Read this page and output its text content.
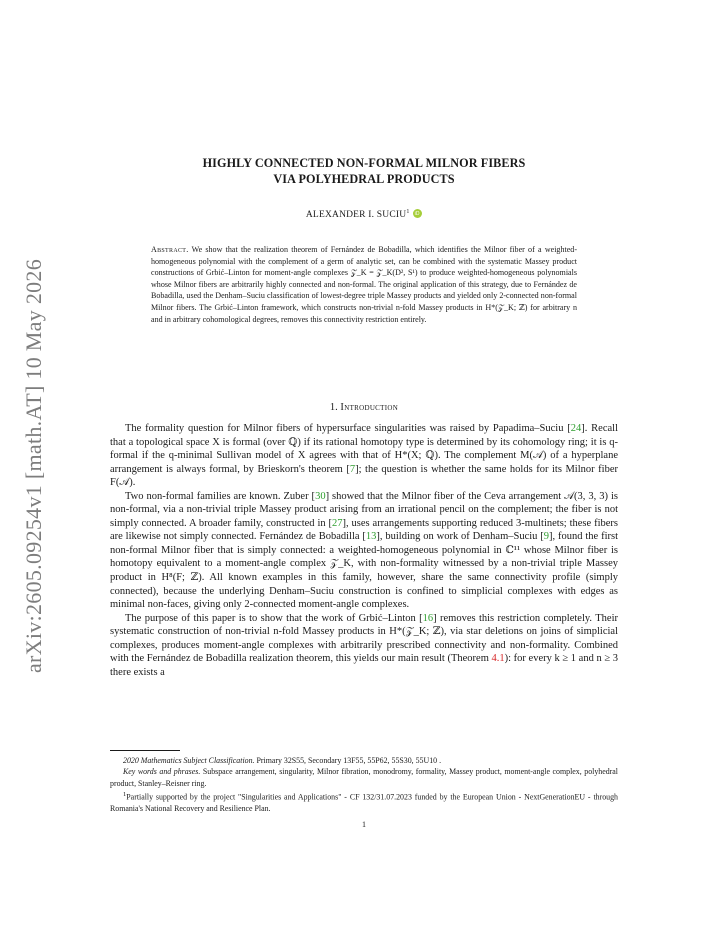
arXiv:2605.09254v1 [math.AT] 10 May 2026
HIGHLY CONNECTED NON-FORMAL MILNOR FIBERS
VIA POLYHEDRAL PRODUCTS
ALEXANDER I. SUCIU$^1$ iD
Abstract. We show that the realization theorem of Fernández de Bobadilla, which identifies the Milnor fiber of a weighted-homogeneous polynomial with the complement of a germ of analytic set, can be combined with the systematic Massey product constructions of Grbić–Linton for moment-angle complexes 𝒵_K = 𝒵_K(D², S¹) to produce weighted-homogeneous polynomials whose Milnor fibers are arbitrarily highly connected and non-formal. The original application of this strategy, due to Fernández de Bobadilla, used the Denham–Suciu classification of lowest-degree triple Massey products and yielded only 2-connected non-formal Milnor fibers. The Grbić–Linton framework, which constructs non-trivial n-fold Massey products in H*(𝒵_K; ℤ) for arbitrary n and in arbitrary cohomological degrees, removes this connectivity restriction entirely.
1. Introduction

The formality question for Milnor fibers of hypersurface singularities was raised by Papadima–Suciu [24]. Recall that a topological space X is formal (over ℚ) if its rational homotopy type is determined by its cohomology ring; it is q-formal if the q-minimal Sullivan model of X agrees with that of H*(X; ℚ). The complement M(𝒜) of a hyperplane arrangement is always formal, by Brieskorn's theorem [7]; the question is whether the same holds for its Milnor fiber F(𝒜).

Two non-formal families are known. Zuber [30] showed that the Milnor fiber of the Ceva arrangement 𝒜(3, 3, 3) is non-formal, via a non-trivial triple Massey product arising from an irrational pencil on the complement; the fiber is not simply connected. A broader family, constructed in [27], uses arrangements supporting reduced 3-multinets; these fibers are likewise not simply connected. Fernández de Bobadilla [13], building on work of Denham–Suciu [9], found the first non-formal Milnor fiber that is simply connected: a weighted-homogeneous polynomial in ℂ¹¹ whose Milnor fiber is homotopy equivalent to a moment-angle complex 𝒵_K, with non-formality witnessed by a non-trivial triple Massey product in H⁸(F; ℤ). All known examples in this family, however, share the same connectivity profile (simply connected), because the underlying Denham–Suciu construction is confined to simplicial complexes with edges as minimal non-faces, giving only 2-connected moment-angle complexes.

The purpose of this paper is to show that the work of Grbić–Linton [16] removes this restriction completely. Their systematic construction of non-trivial n-fold Massey products in H*(𝒵_K; ℤ), via star deletions on joins of simplicial complexes, produces moment-angle complexes with arbitrarily prescribed connectivity and non-formality. Combined with the Fernández de Bobadilla realization theorem, this yields our main result (Theorem 4.1): for every k ≥ 1 and n ≥ 3 there exists a

2020 Mathematics Subject Classification. Primary 32S55, Secondary 13F55, 55P62, 55S30, 55U10 .

Key words and phrases. Subspace arrangement, singularity, Milnor fibration, monodromy, formality, Massey product, moment-angle complex, polyhedral product, Stanley–Reisner ring.

$^1$Partially supported by the project "Singularities and Applications" - CF 132/31.07.2023 funded by the European Union - NextGenerationEU - through Romania's National Recovery and Resilience Plan.

1
